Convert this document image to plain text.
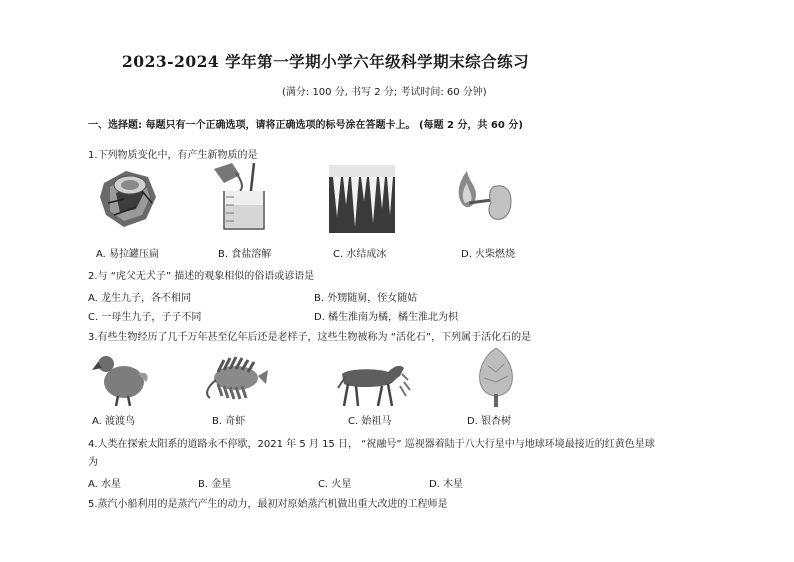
2023-2024 学年第一学期小学六年级科学期末综合练习
(满分: 100 分, 书写 2 分; 考试时间: 60 分钟)
一、选择题: 每题只有一个正确选项，请将正确选项的标号涂在答题卡上。 (每题 2 分，共 60 分)
1.下列物质变化中，有产生新物质的是
A. 易拉罐压扁	B. 食盐溶解	C. 水结成冰	D. 火柴燃烧
2.与 “虎父无犬子” 描述的观象相似的俗语或谚语是
A. 龙生九子，各不相同	B. 外甥随舅，侄女随姑
C. 一母生九子，子子不同	D. 橘生淮南为橘，橘生淮北为枳
3.有些生物经历了几千万年甚至亿年后还是老样子，这些生物被称为 “活化石”，下列属于活化石的是
A. 渡渡鸟	B. 奇虾	C. 始祖马	D. 银杏树
4.人类在探索太阳系的道路永不停歇，2021 年 5 月 15 日， “祝融号” 巡视器着陆于八大行星中与地球环境最接近的红黄色星球
为
A. 水星	B. 金星	C. 火星	D. 木星
5.蒸汽小船利用的是蒸汽产生的动力，最初对原始蒸汽机做出重大改进的工程师是
